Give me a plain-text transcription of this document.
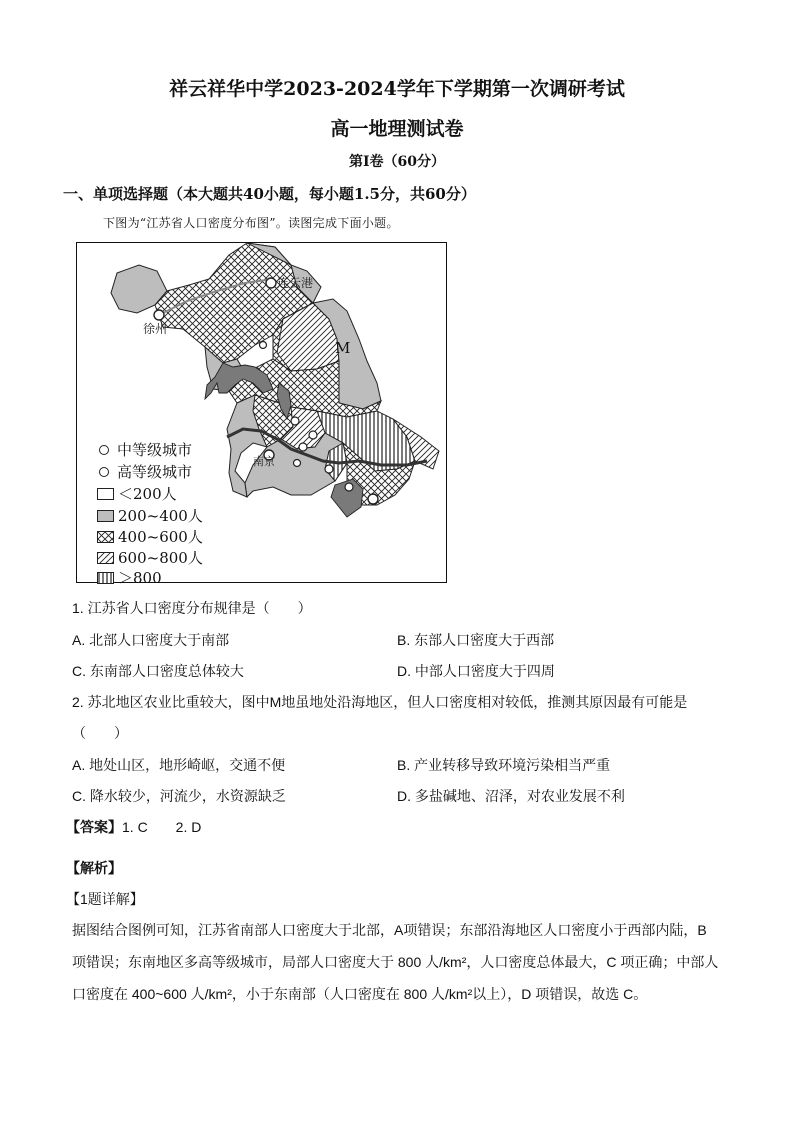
祥云祥华中学2023-2024学年下学期第一次调研考试
高一地理测试卷
第Ⅰ卷（60分）
一、单项选择题（本大题共40小题，每小题1.5分，共60分）
下图为“江苏省人口密度分布图”。读图完成下面小题。
连云港
徐州
M
南京
中等级城市
高等级城市
＜200人
200~400人
400~600人
600~800人
＞800
1. 江苏省人口密度分布规律是（　　）
A. 北部人口密度大于南部	B. 东部人口密度大于西部
C. 东南部人口密度总体较大	D. 中部人口密度大于四周
2. 苏北地区农业比重较大，图中M地虽地处沿海地区，但人口密度相对较低，推测其原因最有可能是
（　　）
A. 地处山区，地形崎岖，交通不便	B. 产业转移导致环境污染相当严重
C. 降水较少，河流少，水资源缺乏	D. 多盐碱地、沼泽，对农业发展不利
【答案】1. C　　2. D
【解析】
【1题详解】
据图结合图例可知，江苏省南部人口密度大于北部，A项错误；东部沿海地区人口密度小于西部内陆，B
项错误；东南地区多高等级城市，局部人口密度大于 800 人/km²，人口密度总体最大，C 项正确；中部人
口密度在 400~600 人/km²，小于东南部（人口密度在 800 人/km²以上），D 项错误，故选 C。
